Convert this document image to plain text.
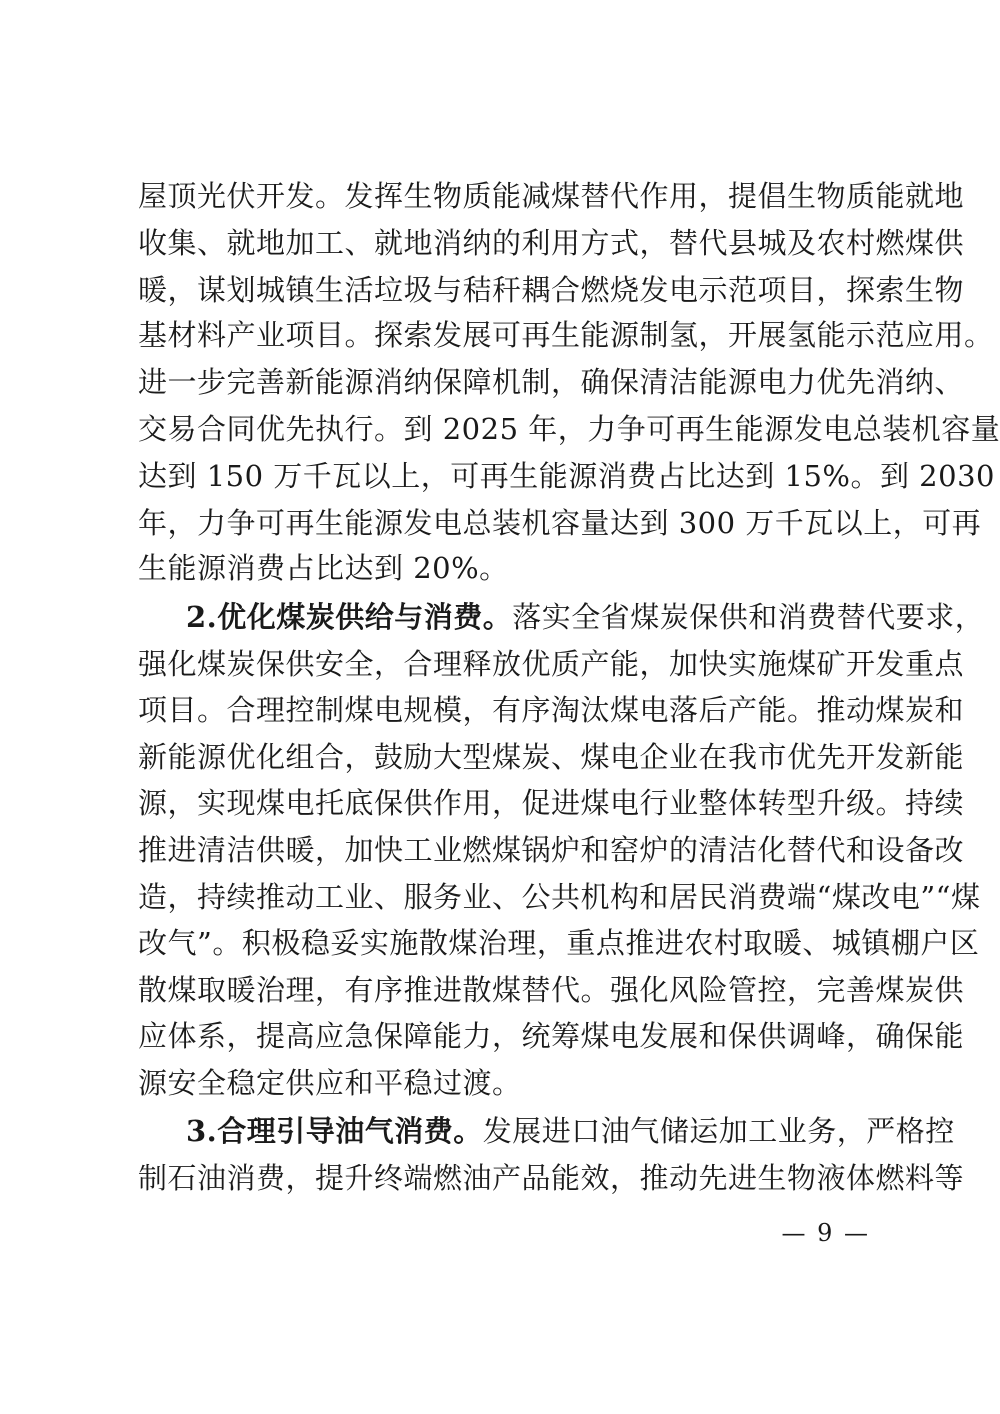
屋顶光伏开发。发挥生物质能减煤替代作用，提倡生物质能就地
收集、就地加工、就地消纳的利用方式，替代县城及农村燃煤供
暖，谋划城镇生活垃圾与秸秆耦合燃烧发电示范项目，探索生物
基材料产业项目。探索发展可再生能源制氢，开展氢能示范应用。
进一步完善新能源消纳保障机制，确保清洁能源电力优先消纳、
交易合同优先执行。到 2025 年，力争可再生能源发电总装机容量
达到 150 万千瓦以上，可再生能源消费占比达到 15%。到 2030
年，力争可再生能源发电总装机容量达到 300 万千瓦以上，可再
生能源消费占比达到 20%。
2.优化煤炭供给与消费。落实全省煤炭保供和消费替代要求，
强化煤炭保供安全，合理释放优质产能，加快实施煤矿开发重点
项目。合理控制煤电规模，有序淘汰煤电落后产能。推动煤炭和
新能源优化组合，鼓励大型煤炭、煤电企业在我市优先开发新能
源，实现煤电托底保供作用，促进煤电行业整体转型升级。持续
推进清洁供暖，加快工业燃煤锅炉和窑炉的清洁化替代和设备改
造，持续推动工业、服务业、公共机构和居民消费端“煤改电”“煤
改气”。积极稳妥实施散煤治理，重点推进农村取暖、城镇棚户区
散煤取暖治理，有序推进散煤替代。强化风险管控，完善煤炭供
应体系，提高应急保障能力，统筹煤电发展和保供调峰，确保能
源安全稳定供应和平稳过渡。
3.合理引导油气消费。发展进口油气储运加工业务，严格控
制石油消费，提升终端燃油产品能效，推动先进生物液体燃料等
— 9 —
